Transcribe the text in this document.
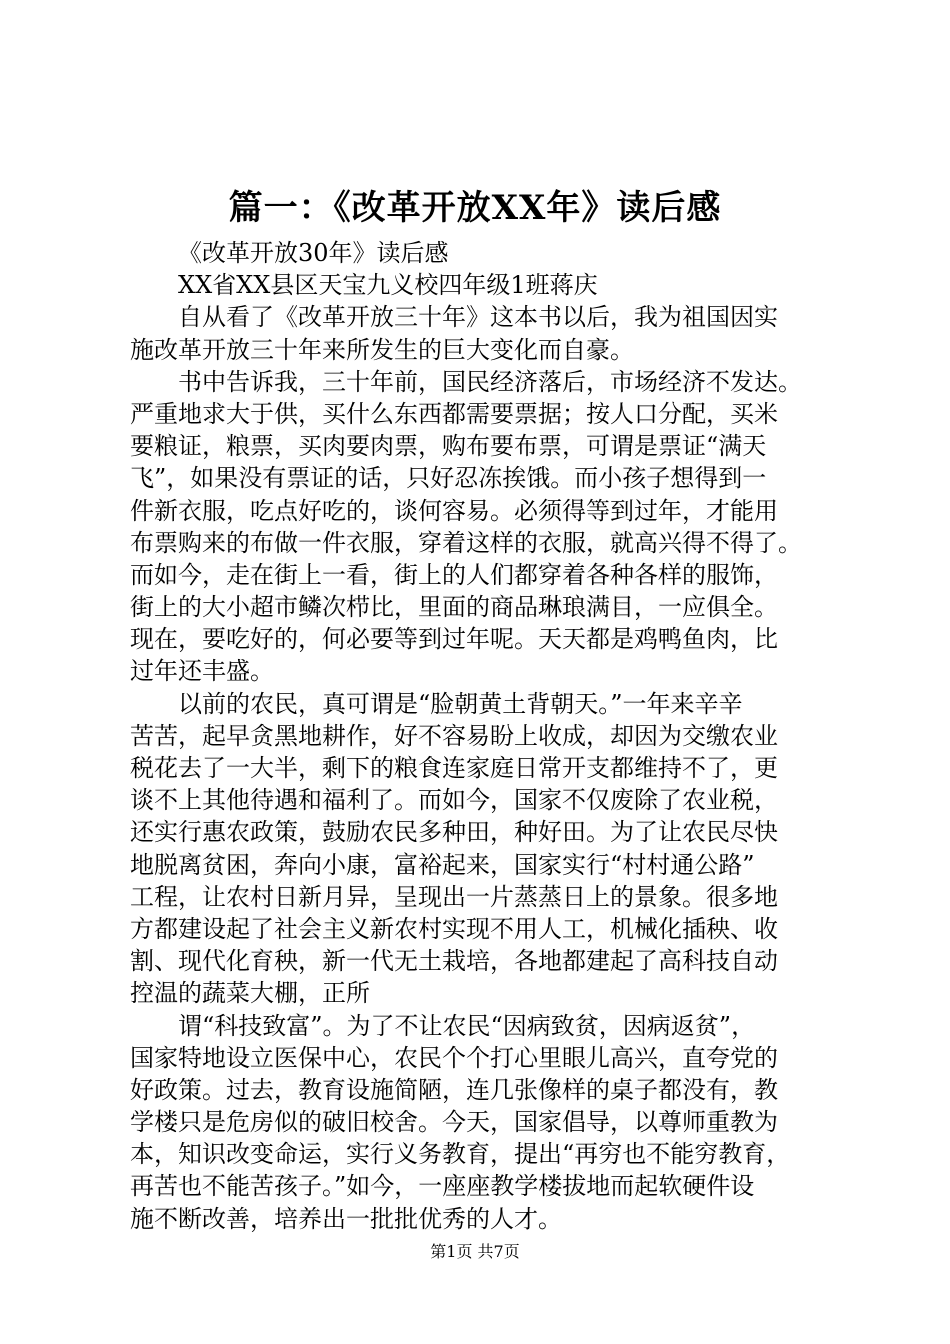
篇一：《改革开放XX年》读后感
《改革开放30年》读后感
XX省XX县区天宝九义校四年级1班蒋庆
自从看了《改革开放三十年》这本书以后，我为祖国因实
施改革开放三十年来所发生的巨大变化而自豪。
书中告诉我，三十年前，国民经济落后，市场经济不发达。
严重地求大于供，买什么东西都需要票据；按人口分配，买米
要粮证，粮票，买肉要肉票，购布要布票，可谓是票证“满天
飞”，如果没有票证的话，只好忍冻挨饿。而小孩子想得到一
件新衣服，吃点好吃的，谈何容易。必须得等到过年，才能用
布票购来的布做一件衣服，穿着这样的衣服，就高兴得不得了。
而如今，走在街上一看，街上的人们都穿着各种各样的服饰，
街上的大小超市鳞次栉比，里面的商品琳琅满目，一应俱全。
现在，要吃好的，何必要等到过年呢。天天都是鸡鸭鱼肉，比
过年还丰盛。
以前的农民，真可谓是“脸朝黄土背朝天。”一年来辛辛
苦苦，起早贪黑地耕作，好不容易盼上收成，却因为交缴农业
税花去了一大半，剩下的粮食连家庭日常开支都维持不了，更
谈不上其他待遇和福利了。而如今，国家不仅废除了农业税，
还实行惠农政策，鼓励农民多种田，种好田。为了让农民尽快
地脱离贫困，奔向小康，富裕起来，国家实行“村村通公路”
工程，让农村日新月异，呈现出一片蒸蒸日上的景象。很多地
方都建设起了社会主义新农村实现不用人工，机械化插秧、收
割、现代化育秧，新一代无土栽培，各地都建起了高科技自动
控温的蔬菜大棚，正所
谓“科技致富”。为了不让农民“因病致贫，因病返贫”，
国家特地设立医保中心，农民个个打心里眼儿高兴，直夸党的
好政策。过去，教育设施简陋，连几张像样的桌子都没有，教
学楼只是危房似的破旧校舍。今天，国家倡导，以尊师重教为
本，知识改变命运，实行义务教育，提出“再穷也不能穷教育，
再苦也不能苦孩子。”如今，一座座教学楼拔地而起软硬件设
施不断改善，培养出一批批优秀的人才。
第1页 共7页
